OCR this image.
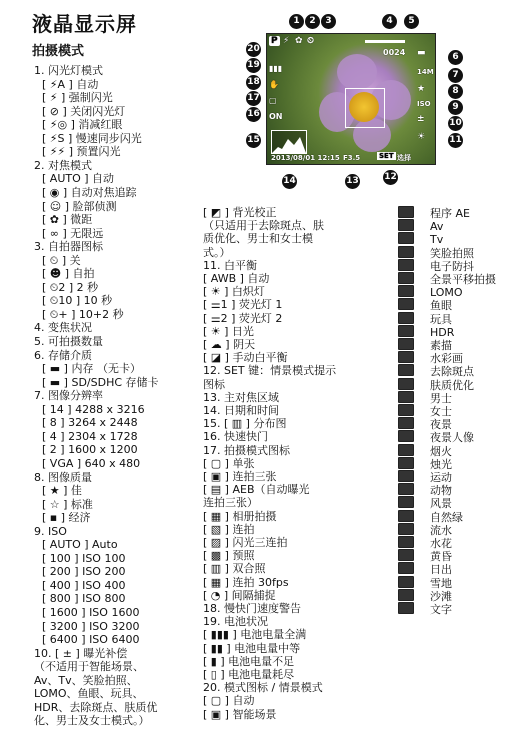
液晶显示屏
拍摄模式
P ⚡ ✿ ⏲
0024 ▬
14M
★
ISO
±
☀
▮▮▮
✋
▢
ON
2013/08/01 12:15 F3.5	SET 选择
1	2	3	4	5
6
7
8
9
10
11
12
13
14
15
16
17
18
19
20
1. 闪光灯模式
[ ⚡A ] 自动
[ ⚡ ] 强制闪光
[ ⊘ ] 关闭闪光灯
[ ⚡◎ ] 消减红眼
[ ⚡S ] 慢速同步闪光
[ ⚡⚡ ] 预置闪光
2. 对焦模式
[ AUTO ] 自动
[ ◉ ] 自动对焦追踪
[ ☺ ] 脸部侦测
[ ✿ ] 微距
[ ∞ ] 无限远
3. 自拍器图标
[ ⏲ ] 关
[ ☻ ] 自拍
[ ⏲2 ] 2 秒
[ ⏲10 ] 10 秒
[ ⏲+ ] 10+2 秒
4. 变焦状况
5. 可拍摄数量
6. 存储介质
[ ▬ ] 内存 （无卡）
[ ▬ ] SD/SDHC 存储卡
7. 图像分辨率
[ 14 ] 4288 x 3216
[ 8 ] 3264 x 2448
[ 4 ] 2304 x 1728
[ 2 ] 1600 x 1200
[ VGA ] 640 x 480
8. 图像质量
[ ★ ] 佳
[ ☆ ] 标准
[ ▪ ] 经济
9. ISO
[ AUTO ] Auto
[ 100 ] ISO 100
[ 200 ] ISO 200
[ 400 ] ISO 400
[ 800 ] ISO 800
[ 1600 ] ISO 1600
[ 3200 ] ISO 3200
[ 6400 ] ISO 6400
10. [ ± ] 曝光补偿
（不适用于智能场景、
Av、Tv、笑脸拍照、
LOMO、鱼眼、玩具、
HDR、去除斑点、肤质优
化、男士及女士模式。）
[ ◩ ] 背光校正
（只适用于去除斑点、肤
质优化、男士和女士模
式。）
11. 白平衡
[ AWB ] 自动
[ ☀ ] 白炽灯
[ ⚌1 ] 荧光灯 1
[ ⚌2 ] 荧光灯 2
[ ☀ ] 日光
[ ☁ ] 阴天
[ ◪ ] 手动白平衡
12. SET 键：情景模式提示
图标
13. 主对焦区域
14. 日期和时间
15. [ ▥ ] 分布图
16. 快速快门
17. 拍摄模式图标
[ ▢ ] 单张
[ ▣ ] 连拍三张
[ ▤ ] AEB（自动曝光
连拍三张）
[ ▦ ] 相册拍摄
[ ▧ ] 连拍
[ ▨ ] 闪光三连拍
[ ▩ ] 预照
[ ▥ ] 双合照
[ ▦ ] 连拍 30fps
[ ◔ ] 间隔捕捉
18. 慢快门速度警告
19. 电池状况
[ ▮▮▮ ] 电池电量全满
[ ▮▮ ] 电池电量中等
[ ▮ ] 电池电量不足
[ ▯ ] 电池电量耗尽
20. 模式图标 / 情景模式
[ ▢ ] 自动
[ ▣ ] 智能场景
程序 AE
Av
Tv
笑脸拍照
电子防抖
全景平移拍摄
LOMO
鱼眼
玩具
HDR
素描
水彩画
去除斑点
肤质优化
男士
女士
夜景
夜景人像
烟火
烛光
运动
动物
风景
自然绿
流水
水花
黄昏
日出
雪地
沙滩
文字
